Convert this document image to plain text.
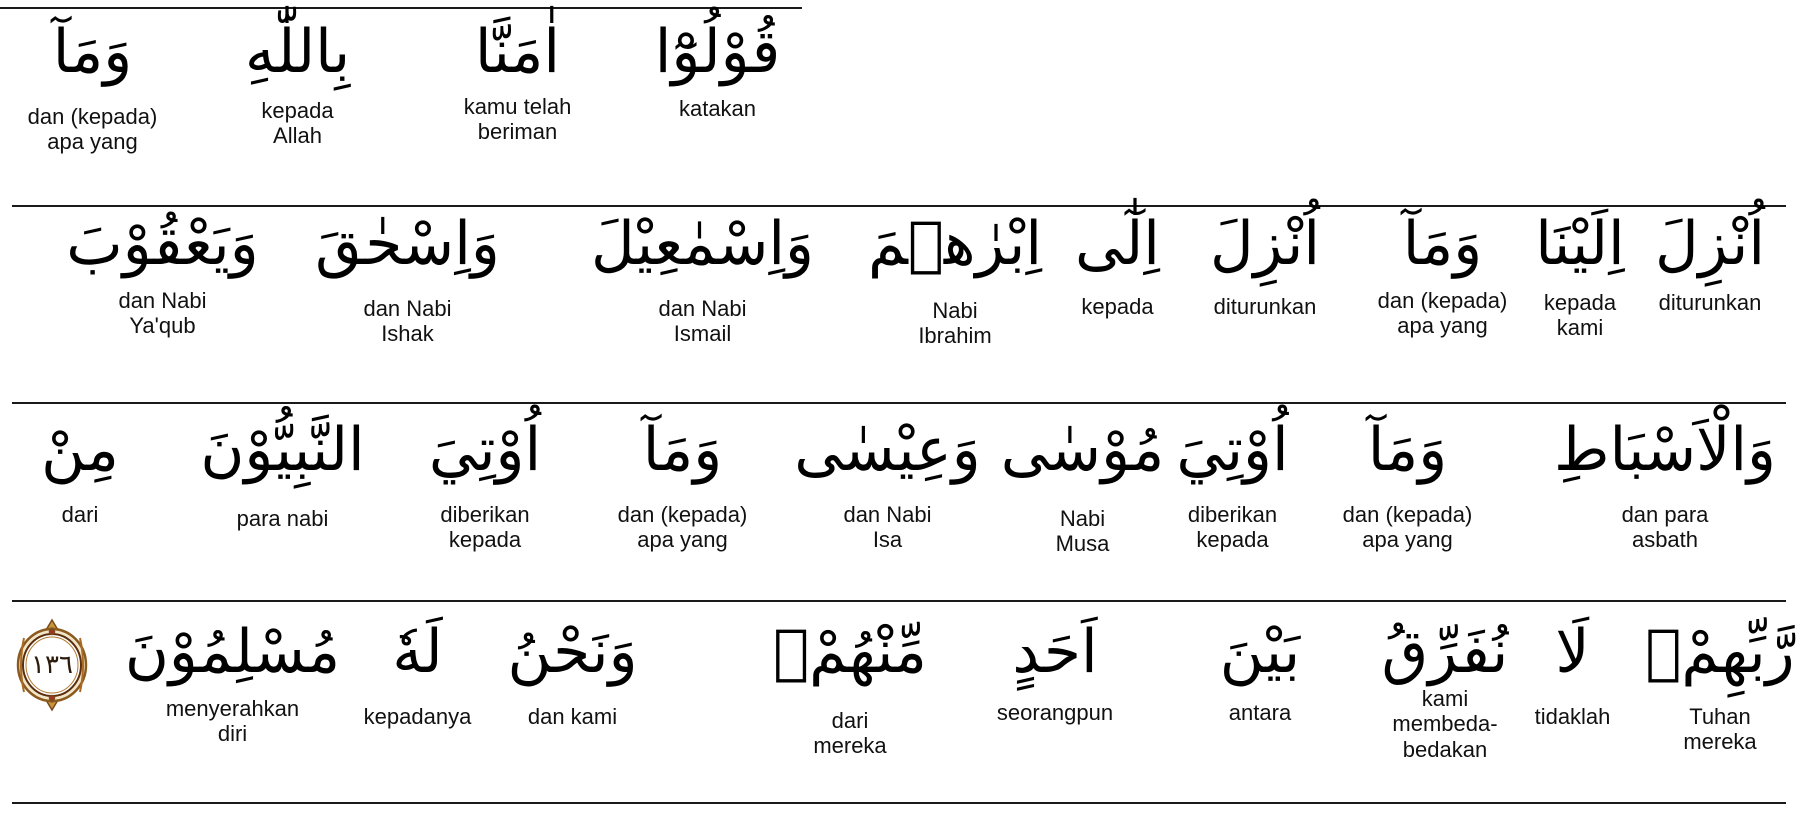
قُوْلُوْٓا
katakan
اٰمَنَّا
kamu telah
beriman
بِاللّٰهِ
kepada
Allah
وَمَآ
dan (kepada)
apa yang
اُنْزِلَ
diturunkan
اِلَيْنَا
kepada
kami
وَمَآ
dan (kepada)
apa yang
اُنْزِلَ
diturunkan
اِلٰٓى
kepada
اِبْرٰهٖمَ
Nabi
Ibrahim
وَاِسْمٰعِيْلَ
dan Nabi
Ismail
وَاِسْحٰقَ
dan Nabi
Ishak
وَيَعْقُوْبَ
dan Nabi
Ya'qub
وَالْاَسْبَاطِ
dan para
asbath
وَمَآ
dan (kepada)
apa yang
اُوْتِيَ
diberikan
kepada
مُوْسٰى
Nabi
Musa
وَعِيْسٰى
dan Nabi
Isa
وَمَآ
dan (kepada)
apa yang
اُوْتِيَ
diberikan
kepada
النَّبِيُّوْنَ
para nabi
مِنْ
dari
رَّبِّهِمْۚ
Tuhan
mereka
لَا
tidaklah
نُفَرِّقُ
kami
membeda-
bedakan
بَيْنَ
antara
اَحَدٍ
seorangpun
مِّنْهُمْۖ
dari
mereka
وَنَحْنُ
dan kami
لَهٗ
kepadanya
مُسْلِمُوْنَ
menyerahkan
diri
١٣٦
